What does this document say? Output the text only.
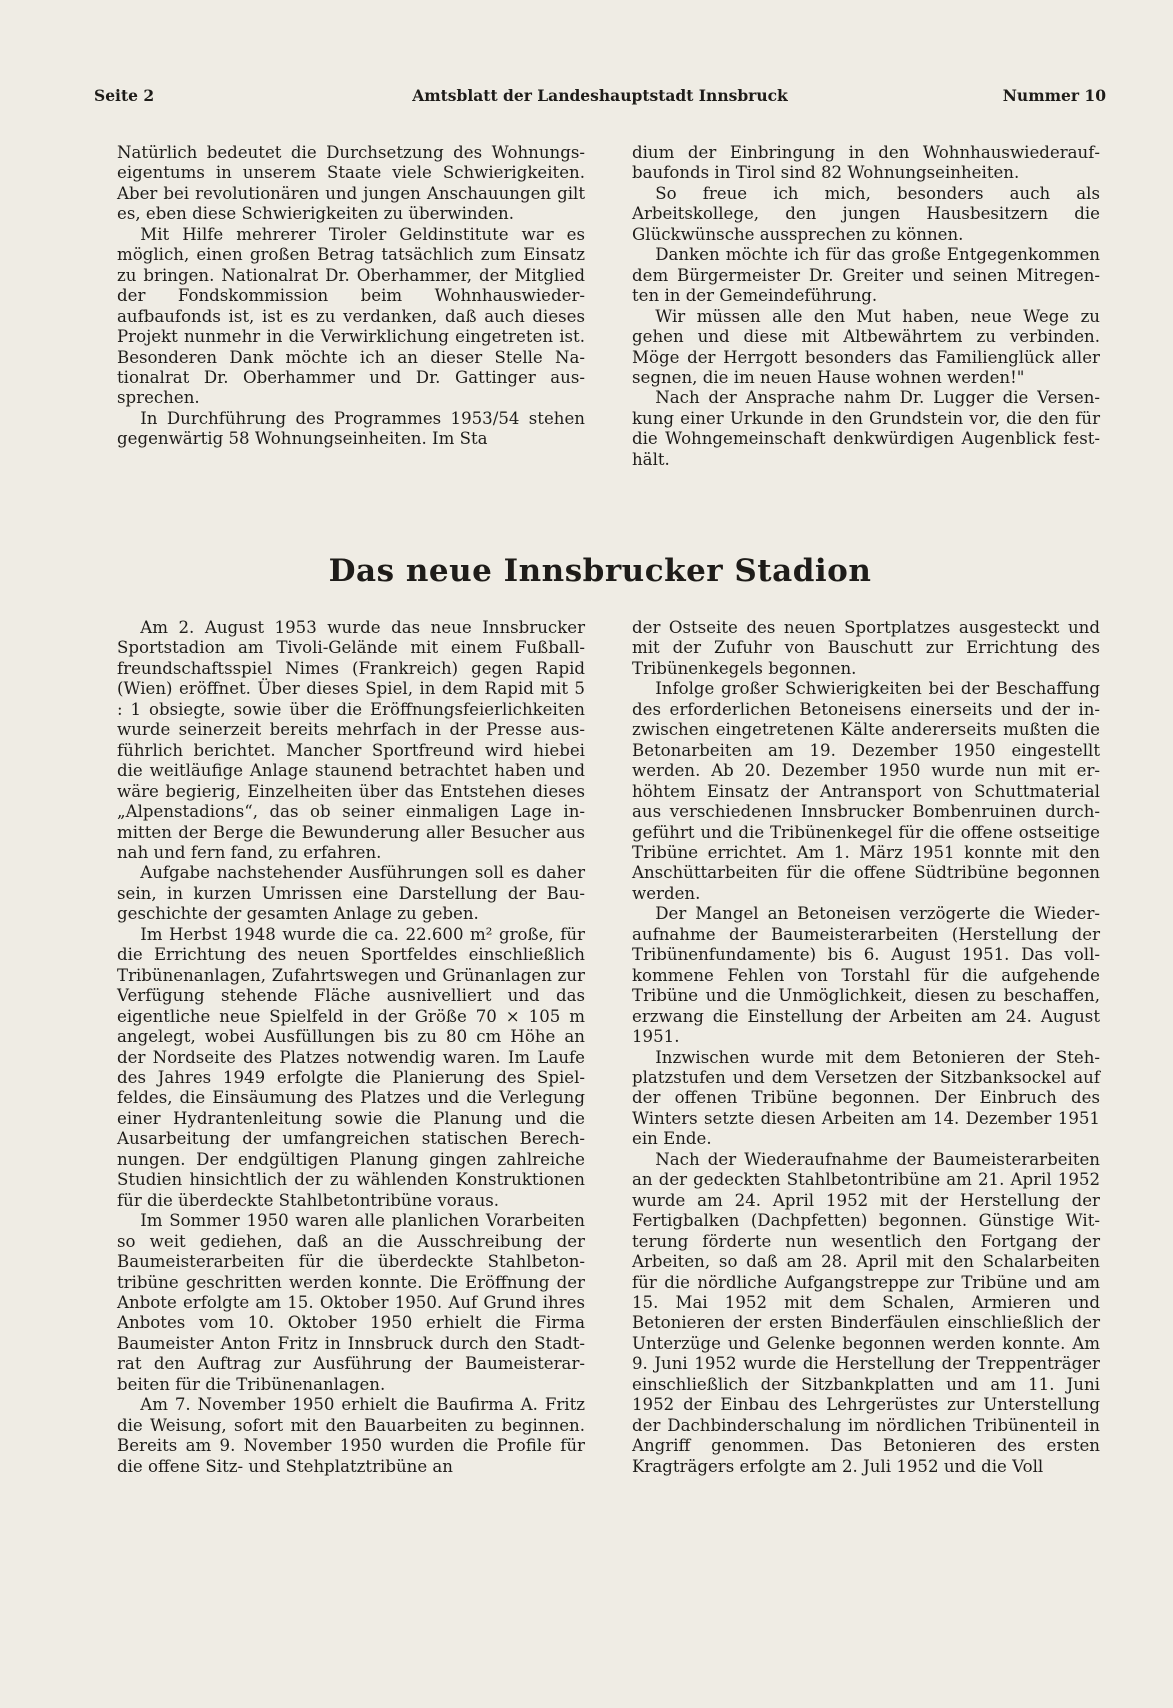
Amtsblatt der Landeshauptstadt Innsbruck
Seite 2	Nummer 10

Natürlich bedeutet die Durchsetzung des Wohnungseigentums in unserem Staate viele Schwierigkeiten. Aber bei revolutionären und jungen Anschauungen gilt es, eben diese Schwierigkeiten zu überwinden.

Mit Hilfe mehrerer Tiroler Geldinstitute war es möglich, einen großen Betrag tatsächlich zum Einsatz zu bringen. Nationalrat Dr. Oberhammer, der Mitglied der Fondskommission beim Wohnhauswiederaufbaufonds ist, ist es zu verdanken, daß auch dieses Projekt nunmehr in die Verwirklichung eingetreten ist. Besonderen Dank möchte ich an dieser Stelle Nationalrat Dr. Oberhammer und Dr. Gattinger aussprechen.

In Durchführung des Programmes 1953/54 stehen gegenwärtig 58 Wohnungseinheiten. Im Sta

dium der Einbringung in den Wohnhauswiederaufbaufonds in Tirol sind 82 Wohnungseinheiten.

So freue ich mich, besonders auch als Arbeitskollege, den jungen Hausbesitzern die Glückwünsche aussprechen zu können.

Danken möchte ich für das große Entgegenkommen dem Bürgermeister Dr. Greiter und seinen Mitregenten in der Gemeindeführung.

Wir müssen alle den Mut haben, neue Wege zu gehen und diese mit Altbewährtem zu verbinden. Möge der Herrgott besonders das Familienglück aller segnen, die im neuen Hause wohnen werden!"

Nach der Ansprache nahm Dr. Lugger die Versenkung einer Urkunde in den Grundstein vor, die den für die Wohngemeinschaft denkwürdigen Augenblick festhält.

Das neue Innsbrucker Stadion

Am 2. August 1953 wurde das neue Innsbrucker Sportstadion am Tivoli-Gelände mit einem Fußballfreundschaftsspiel Nimes (Frankreich) gegen Rapid (Wien) eröffnet. Über dieses Spiel, in dem Rapid mit 5 : 1 obsiegte, sowie über die Eröffnungsfeierlichkeiten wurde seinerzeit bereits mehrfach in der Presse ausführlich berichtet. Mancher Sportfreund wird hiebei die weitläufige Anlage staunend betrachtet haben und wäre begierig, Einzelheiten über das Entstehen dieses „Alpenstadions“, das ob seiner einmaligen Lage inmitten der Berge die Bewunderung aller Besucher aus nah und fern fand, zu erfahren.

Aufgabe nachstehender Ausführungen soll es daher sein, in kurzen Umrissen eine Darstellung der Baugeschichte der gesamten Anlage zu geben.

Im Herbst 1948 wurde die ca. 22.600 m² große, für die Errichtung des neuen Sportfeldes einschließlich Tribünenanlagen, Zufahrtswegen und Grünanlagen zur Verfügung stehende Fläche ausnivelliert und das eigentliche neue Spielfeld in der Größe 70 × 105 m angelegt, wobei Ausfüllungen bis zu 80 cm Höhe an der Nordseite des Platzes notwendig waren. Im Laufe des Jahres 1949 erfolgte die Planierung des Spielfeldes, die Einsäumung des Platzes und die Verlegung einer Hydrantenleitung sowie die Planung und die Ausarbeitung der umfangreichen statischen Berechnungen. Der endgültigen Planung gingen zahlreiche Studien hinsichtlich der zu wählenden Konstruktionen für die überdeckte Stahlbetontribüne voraus.

Im Sommer 1950 waren alle planlichen Vorarbeiten so weit gediehen, daß an die Ausschreibung der Baumeisterarbeiten für die überdeckte Stahlbetontribüne geschritten werden konnte. Die Eröffnung der Anbote erfolgte am 15. Oktober 1950. Auf Grund ihres Anbotes vom 10. Oktober 1950 erhielt die Firma Baumeister Anton Fritz in Innsbruck durch den Stadtrat den Auftrag zur Ausführung der Baumeisterarbeiten für die Tribünenanlagen.

Am 7. November 1950 erhielt die Baufirma A. Fritz die Weisung, sofort mit den Bauarbeiten zu beginnen. Bereits am 9. November 1950 wurden die Profile für die offene Sitz- und Stehplatztribüne an

der Ostseite des neuen Sportplatzes ausgesteckt und mit der Zufuhr von Bauschutt zur Errichtung des Tribünenkegels begonnen.

Infolge großer Schwierigkeiten bei der Beschaffung des erforderlichen Betoneisens einerseits und der inzwischen eingetretenen Kälte andererseits mußten die Betonarbeiten am 19. Dezember 1950 eingestellt werden. Ab 20. Dezember 1950 wurde nun mit erhöhtem Einsatz der Antransport von Schuttmaterial aus verschiedenen Innsbrucker Bombenruinen durchgeführt und die Tribünenkegel für die offene ostseitige Tribüne errichtet. Am 1. März 1951 konnte mit den Anschüttarbeiten für die offene Südtribüne begonnen werden.

Der Mangel an Betoneisen verzögerte die Wiederaufnahme der Baumeisterarbeiten (Herstellung der Tribünenfundamente) bis 6. August 1951. Das vollkommene Fehlen von Torstahl für die aufgehende Tribüne und die Unmöglichkeit, diesen zu beschaffen, erzwang die Einstellung der Arbeiten am 24. August 1951.

Inzwischen wurde mit dem Betonieren der Stehplatzstufen und dem Versetzen der Sitzbanksockel auf der offenen Tribüne begonnen. Der Einbruch des Winters setzte diesen Arbeiten am 14. Dezember 1951 ein Ende.

Nach der Wiederaufnahme der Baumeisterarbeiten an der gedeckten Stahlbetontribüne am 21. April 1952 wurde am 24. April 1952 mit der Herstellung der Fertigbalken (Dachpfetten) begonnen. Günstige Witterung förderte nun wesentlich den Fortgang der Arbeiten, so daß am 28. April mit den Schalarbeiten für die nördliche Aufgangstreppe zur Tribüne und am 15. Mai 1952 mit dem Schalen, Armieren und Betonieren der ersten Binderfäulen einschließlich der Unterzüge und Gelenke begonnen werden konnte. Am 9. Juni 1952 wurde die Herstellung der Treppenträger einschließlich der Sitzbankplatten und am 11. Juni 1952 der Einbau des Lehrgerüstes zur Unterstellung der Dachbinderschalung im nördlichen Tribünenteil in Angriff genommen. Das Betonieren des ersten Kragträgers erfolgte am 2. Juli 1952 und die Voll
